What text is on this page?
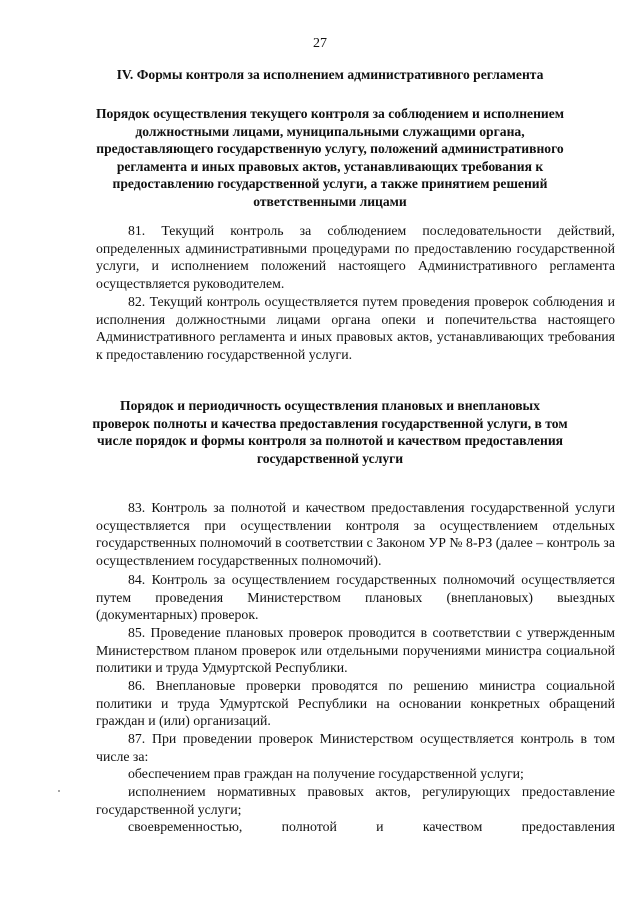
27
IV. Формы контроля за исполнением административного регламента
Порядок осуществления текущего контроля за соблюдением и исполнением должностными лицами, муниципальными служащими органа, предоставляющего государственную услугу, положений административного регламента и иных правовых актов, устанавливающих требования к предоставлению государственной услуги, а также принятием решений ответственными лицами

81. Текущий контроль за соблюдением последовательности действий, определенных административными процедурами по предоставлению государственной услуги, и исполнением положений настоящего Административного регламента осуществляется руководителем.

82. Текущий контроль осуществляется путем проведения проверок соблюдения и исполнения должностными лицами органа опеки и попечительства настоящего Административного регламента и иных правовых актов, устанавливающих требования к предоставлению государственной услуги.

Порядок и периодичность осуществления плановых и внеплановых проверок полноты и качества предоставления государственной услуги, в том числе порядок и формы контроля за полнотой и качеством предоставления государственной услуги

83. Контроль за полнотой и качеством предоставления государственной услуги осуществляется при осуществлении контроля за осуществлением отдельных государственных полномочий в соответствии с Законом УР № 8-РЗ (далее – контроль за осуществлением государственных полномочий).

84. Контроль за осуществлением государственных полномочий осуществляется путем проведения Министерством плановых (внеплановых) выездных (документарных) проверок.

85. Проведение плановых проверок проводится в соответствии с утвержденным Министерством планом проверок или отдельными поручениями министра социальной политики и труда Удмуртской Республики.

86. Внеплановые проверки проводятся по решению министра социальной политики и труда Удмуртской Республики на основании конкретных обращений граждан и (или) организаций.

87. При проведении проверок Министерством осуществляется контроль в том числе за:

обеспечением прав граждан на получение государственной услуги;

исполнением нормативных правовых актов, регулирующих предоставление государственной услуги;

своевременностью, полнотой и качеством предоставления
